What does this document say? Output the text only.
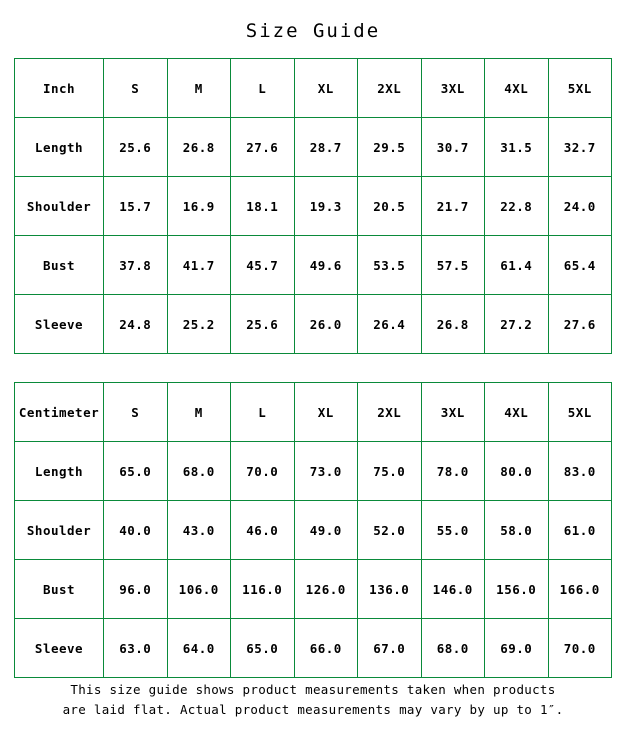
Size Guide
Inch	S	M	L	XL	2XL	3XL	4XL	5XL
Length	25.6	26.8	27.6	28.7	29.5	30.7	31.5	32.7
Shoulder	15.7	16.9	18.1	19.3	20.5	21.7	22.8	24.0
Bust	37.8	41.7	45.7	49.6	53.5	57.5	61.4	65.4
Sleeve	24.8	25.2	25.6	26.0	26.4	26.8	27.2	27.6
Centimeter	S	M	L	XL	2XL	3XL	4XL	5XL
Length	65.0	68.0	70.0	73.0	75.0	78.0	80.0	83.0
Shoulder	40.0	43.0	46.0	49.0	52.0	55.0	58.0	61.0
Bust	96.0	106.0	116.0	126.0	136.0	146.0	156.0	166.0
Sleeve	63.0	64.0	65.0	66.0	67.0	68.0	69.0	70.0
This size guide shows product measurements taken when products
are laid flat. Actual product measurements may vary by up to 1″.
